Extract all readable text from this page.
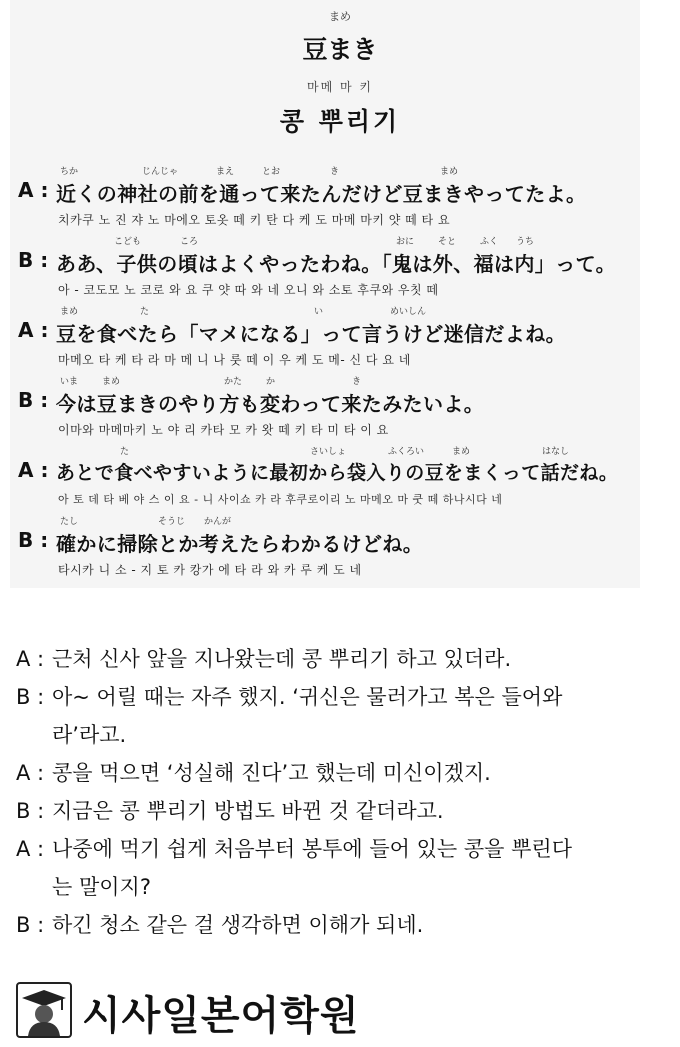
まめ
豆まき
마메 마 키
콩 뿌리기
ちか	じんじゃ	まえ	とお	き	まめ
A : 近くの神社の前を通って来たんだけど豆まきやってたよ。
치카쿠 노 진 쟈 노 마에오 토옷 떼 키 탄 다 케 도 마메 마키 얏 떼 타 요
こども	ころ	おに	そと	ふく うち
B : ああ、子供の頃はよくやったわね。「鬼は外、福は内」って。
아 - 코도모 노 코로 와 요 쿠 얏 따 와 네 오니 와 소토 후쿠와 우칫 떼
まめ	た	い	めいしん
A : 豆を食べたら「マメになる」って言うけど迷信だよね。
마메오 타 케 타 라 마 메 니 나 룻 떼 이 우 케 도 메- 신 다 요 네
いま	まめ	かた	か	き
B : 今は豆まきのやり方も変わって来たみたいよ。
이마와 마메마키 노 야 리 카타 모 카 왓 떼 키 타 미 타 이 요
た	さいしょ	ふくろい	まめ	はなし
A : あとで食べやすいように最初から袋入りの豆をまくって話だね。
아 토 데 타 베 야 스 이 요 - 니 사이쇼 카 라 후쿠로이리 노 마메오 마 쿳 떼 하나시다 네
たし	そうじ かんが
B : 確かに掃除とか考えたらわかるけどね。
타시카 니 소 - 지 토 카 캉가 에 타 라 와 카 루 케 도 네
A : 근처 신사 앞을 지나왔는데 콩 뿌리기 하고 있더라.

B : 아~ 어릴 때는 자주 했지. ‘귀신은 물러가고 복은 들어와

라’라고.

A : 콩을 먹으면 ‘성실해 진다’고 했는데 미신이겠지.

B : 지금은 콩 뿌리기 방법도 바뀐 것 같더라고.

A : 나중에 먹기 쉽게 처음부터 봉투에 들어 있는 콩을 뿌린다

는 말이지?

B : 하긴 청소 같은 걸 생각하면 이해가 되네.

시사일본어학원
